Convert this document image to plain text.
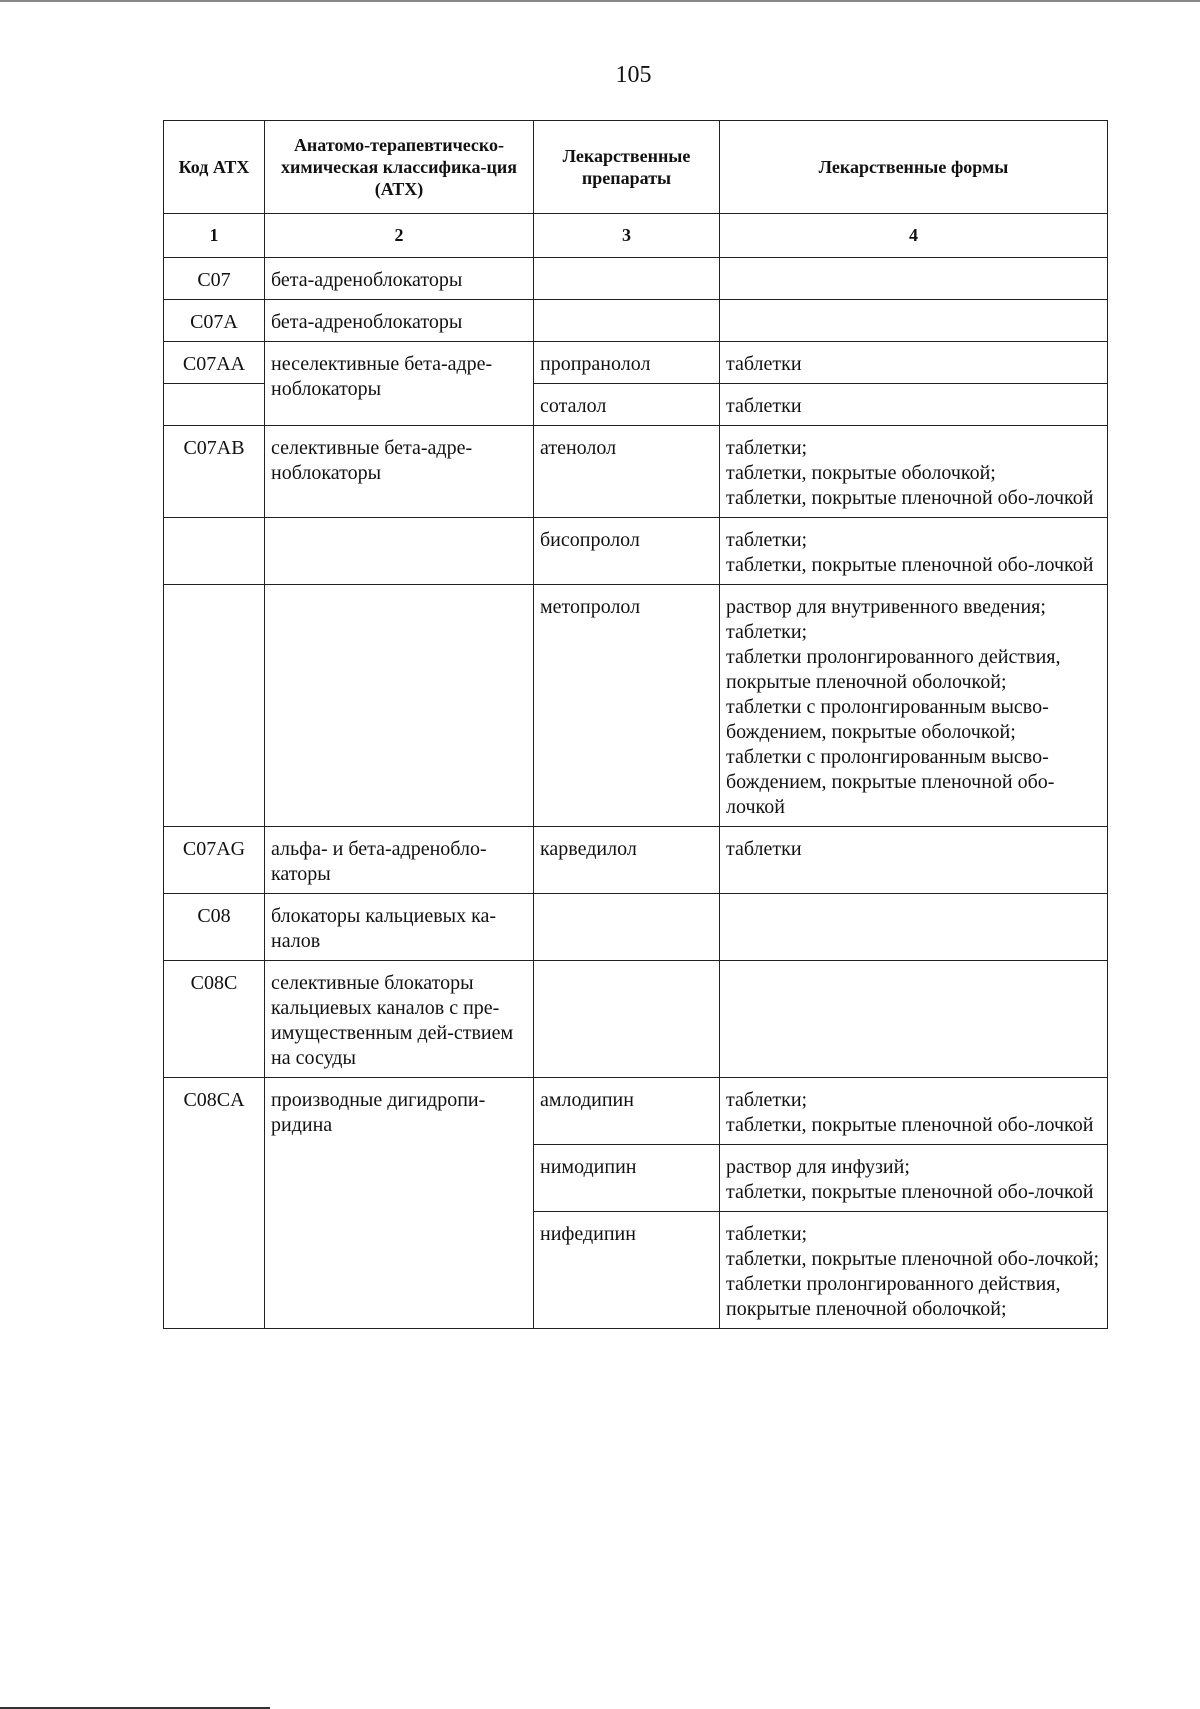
105
Код АТХ	Анатомо-терапевтическо-химическая классифика-ция (АТХ)	Лекарственные препараты	Лекарственные формы
1	2	3	4
C07	бета-адреноблокаторы		
C07A	бета-адреноблокаторы		
C07AA	неселективные бета-адре-ноблокаторы	пропранолол	таблетки

		соталол	таблетки

C07AB	селективные бета-адре-ноблокаторы	атенолол	таблетки;
таблетки, покрытые оболочкой;
таблетки, покрытые пленочной обо-лочкой

		бисопролол	таблетки;
таблетки, покрытые пленочной обо-лочкой

		метопролол	раствор для внутривенного введения;
таблетки;
таблетки пролонгированного действия, покрытые пленочной оболочкой;
таблетки с пролонгированным высво-бождением, покрытые оболочкой;
таблетки с пролонгированным высво-бождением, покрытые пленочной обо-лочкой

C07AG	альфа- и бета-адренобло-каторы	карведилол	таблетки

C08	блокаторы кальциевых ка-налов		
C08C	селективные блокаторы кальциевых каналов с пре-имущественным дей-ствием на сосуды		
C08CA	производные дигидропи-ридина	амлодипин	таблетки;
таблетки, покрытые пленочной обо-лочкой

		нимодипин	раствор для инфузий;
таблетки, покрытые пленочной обо-лочкой

		нифедипин	таблетки;
таблетки, покрытые пленочной обо-лочкой;
таблетки пролонгированного действия, покрытые пленочной оболочкой;
